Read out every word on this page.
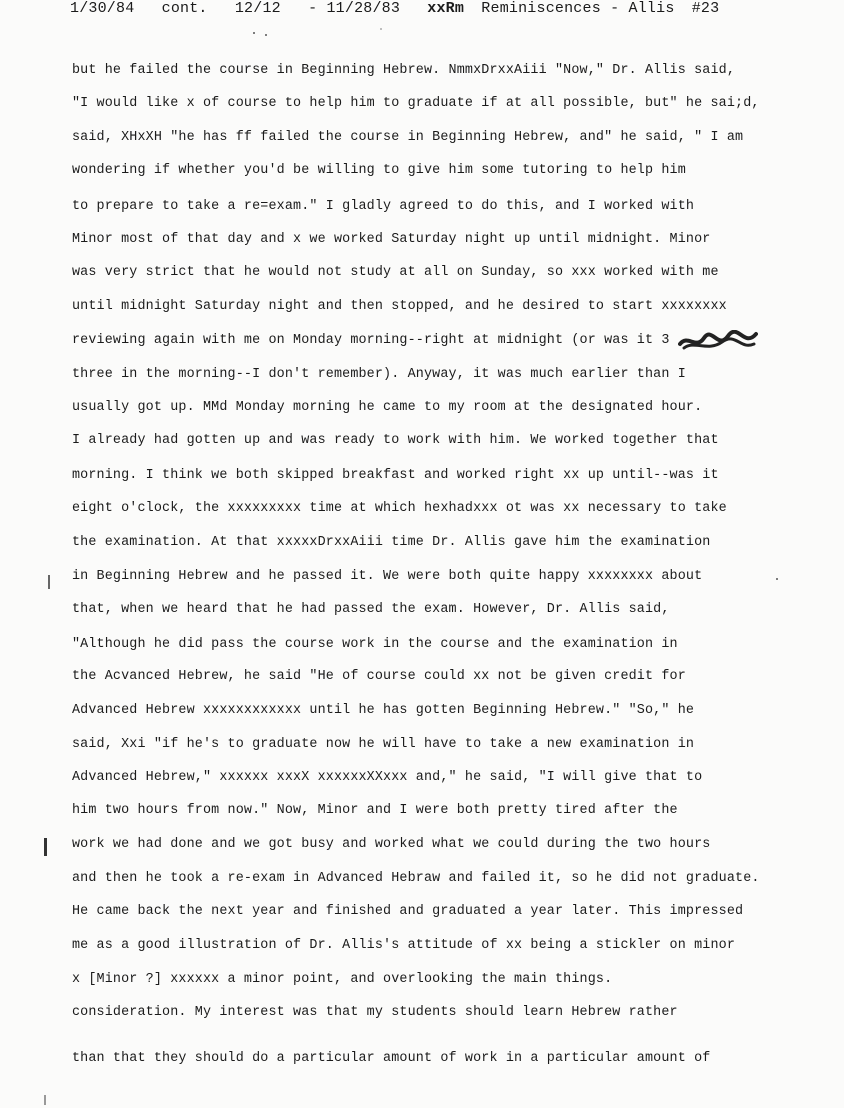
1/30/84 cont. 12/12 - 11/28/83 xxRm Reminiscences - Allis #23
but he failed the course in Beginning Hebrew. NmmxDrxxAiii "Now," Dr. Allis said,
"I would like x of course to help him to graduate if at all possible, but" he sai;d,
said, XHxXH "he has ff failed the course in Beginning Hebrew, and" he said, " I am
wondering if whether you'd be willing to give him some tutoring to help him
to prepare to take a re=exam." I gladly agreed to do this, and I worked with
Minor most of that day and x we worked Saturday night up until midnight. Minor
was very strict that he would not study at all on Sunday, so xxx worked with me
until midnight Saturday night and then stopped, and he desired to start xxxxxxxx
reviewing again with me on Monday morning--right at midnight (or was it 3
three in the morning--I don't remember). Anyway, it was much earlier than I
usually got up. MMd Monday morning he came to my room at the designated hour.
I already had gotten up and was ready to work with him. We worked together that
morning. I think we both skipped breakfast and worked right xx up until--was it
eight o'clock, the xxxxxxxxx time at which hexhadxxx ot was xx necessary to take
the examination. At that xxxxxDrxxAiii time Dr. Allis gave him the examination
in Beginning Hebrew and he passed it. We were both quite happy xxxxxxxx about
that, when we heard that he had passed the exam. However, Dr. Allis said,
"Although he did pass the course work in the course and the examination in
the Acvanced Hebrew, he said "He of course could xx not be given credit for
Advanced Hebrew xxxxxxxxxxxx until he has gotten Beginning Hebrew." "So," he
said, Xxi "if he's to graduate now he will have to take a new examination in
Advanced Hebrew," xxxxxx xxxX xxxxxxXXxxx and," he said, "I will give that to
him two hours from now." Now, Minor and I were both pretty tired after the
work we had done and we got busy and worked what we could during the two hours
and then he took a re-exam in Advanced Hebraw and failed it, so he did not graduate.
He came back the next year and finished and graduated a year later. This impressed
me as a good illustration of Dr. Allis's attitude of xx being a stickler on minor
x [Minor ?] xxxxxx a minor point, and overlooking the main things.
consideration. My interest was that my students should learn Hebrew rather
than that they should do a particular amount of work in a particular amount of
